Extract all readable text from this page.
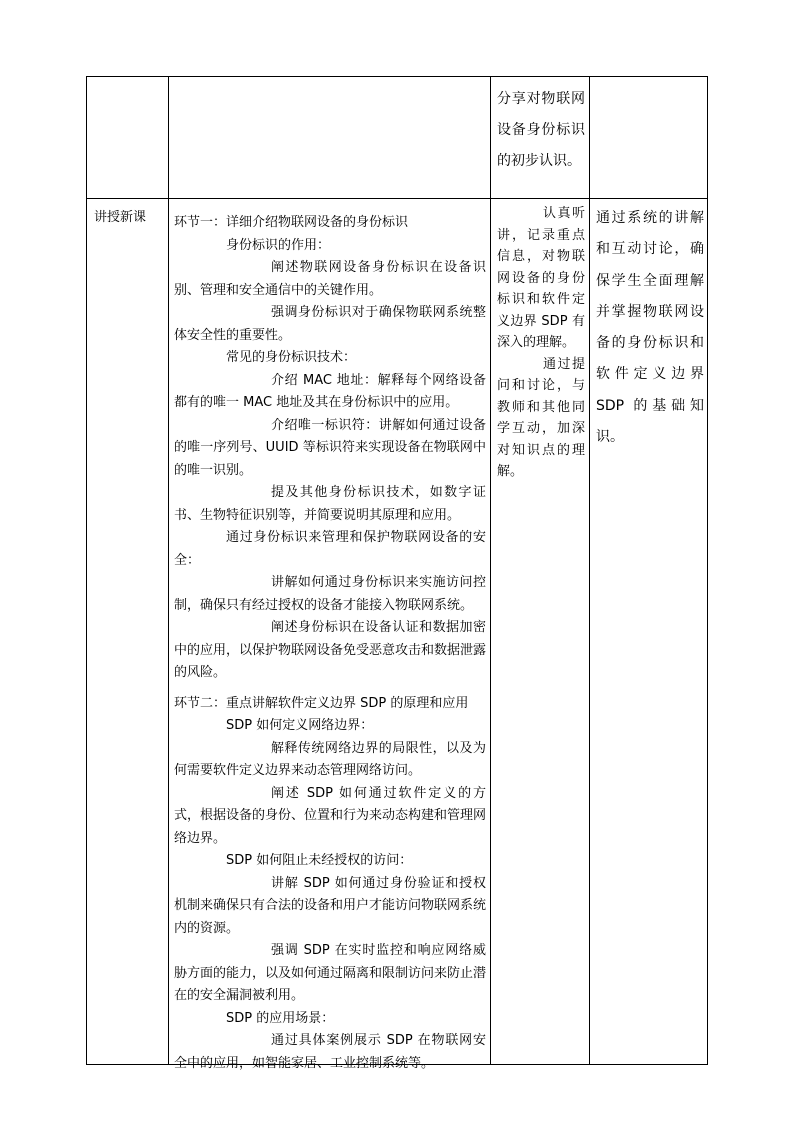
分享对物联网设备身份标识的初步认识。
讲授新课	环节一：详细介绍物联网设备的身份标识

身份标识的作用：

阐述物联网设备身份标识在设备识别、管理和安全通信中的关键作用。

强调身份标识对于确保物联网系统整体安全性的重要性。

常见的身份标识技术：

介绍 MAC 地址：解释每个网络设备都有的唯一 MAC 地址及其在身份标识中的应用。

介绍唯一标识符：讲解如何通过设备的唯一序列号、UUID 等标识符来实现设备在物联网中的唯一识别。

提及其他身份标识技术，如数字证书、生物特征识别等，并简要说明其原理和应用。

通过身份标识来管理和保护物联网设备的安全：

讲解如何通过身份标识来实施访问控制，确保只有经过授权的设备才能接入物联网系统。

阐述身份标识在设备认证和数据加密中的应用，以保护物联网设备免受恶意攻击和数据泄露的风险。

环节二：重点讲解软件定义边界 SDP 的原理和应用

SDP 如何定义网络边界：

解释传统网络边界的局限性，以及为何需要软件定义边界来动态管理网络访问。

阐述 SDP 如何通过软件定义的方式，根据设备的身份、位置和行为来动态构建和管理网络边界。

SDP 如何阻止未经授权的访问：

讲解 SDP 如何通过身份验证和授权机制来确保只有合法的设备和用户才能访问物联网系统内的资源。

强调 SDP 在实时监控和响应网络威胁方面的能力，以及如何通过隔离和限制访问来防止潜在的安全漏洞被利用。

SDP 的应用场景：

通过具体案例展示 SDP 在物联网安全中的应用，如智能家居、工业控制系统等。

认真听讲，记录重点信息，对物联网设备的身份标识和软件定义边界 SDP 有深入的理解。

通过提问和讨论，与教师和其他同学互动，加深对知识点的理解。

通过系统的讲解和互动讨论，确保学生全面理解并掌握物联网设备的身份标识和软件定义边界 SDP 的基础知识。
